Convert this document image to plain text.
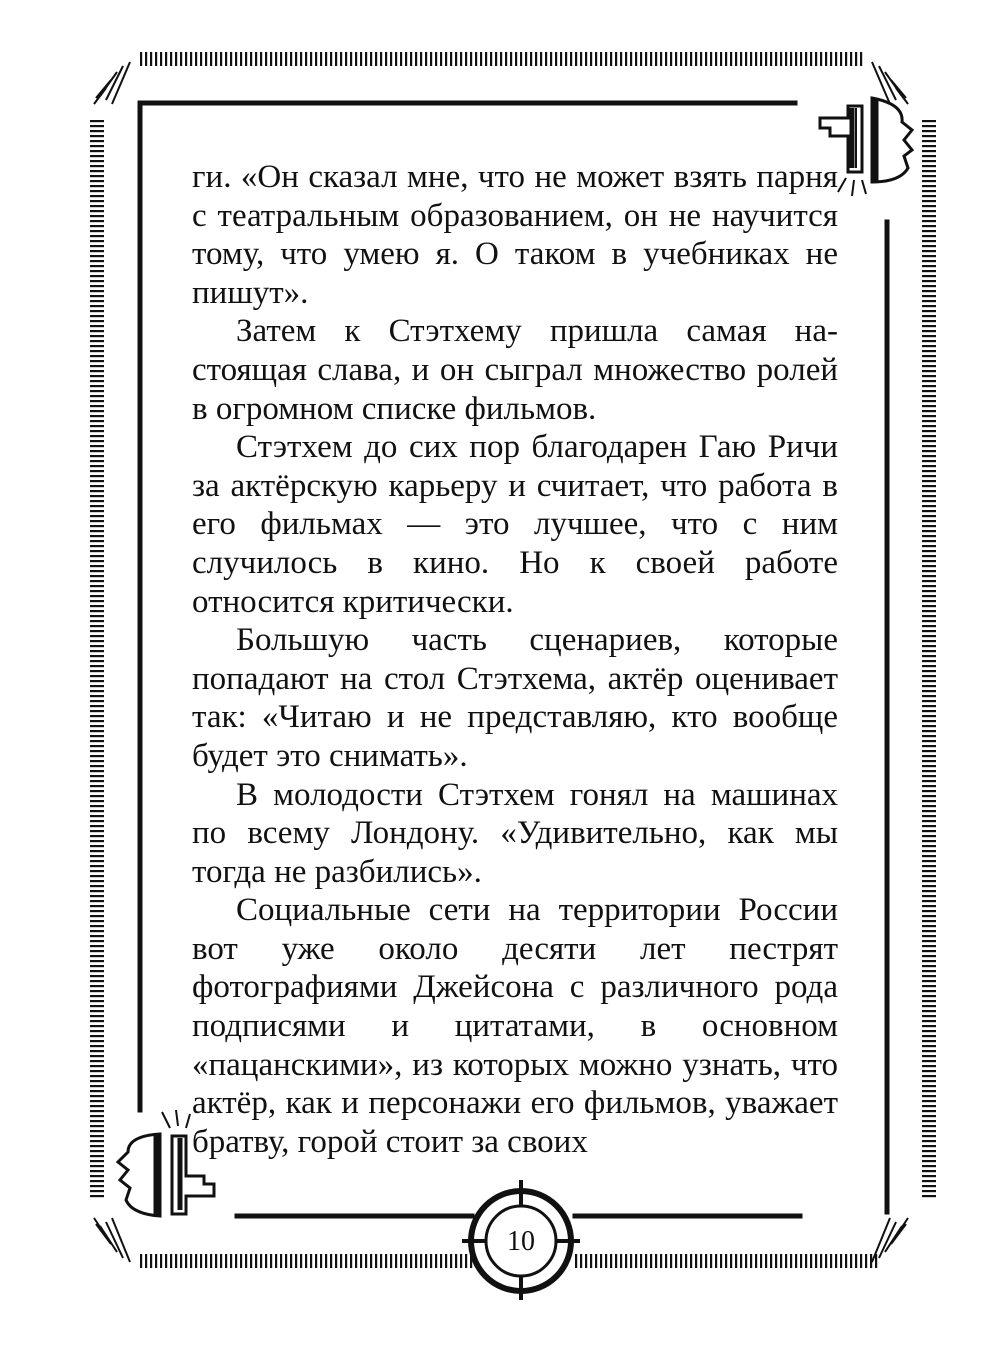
ги. «Он сказал мне, что не может взять парня с театральным образованием, он не научится тому, что умею я. О таком в учебниках не пишут».

Затем к Стэтхему пришла самая настоящая слава, и он сыграл множество ролей в огромном списке фильмов.

Стэтхем до сих пор благодарен Гаю Ричи за актёрскую карьеру и считает, что работа в его фильмах — это лучшее, что с ним случилось в кино. Но к своей работе относится критически.

Большую часть сценариев, которые попадают на стол Стэтхема, актёр оценивает так: «Читаю и не представляю, кто вообще будет это снимать».

В молодости Стэтхем гонял на машинах по всему Лондону. «Удивительно, как мы тогда не разбились».

Социальные сети на территории России вот уже около десяти лет пестрят фотографиями Джейсона с различного рода подписями и цитатами, в основном «пацанскими», из которых можно узнать, что актёр, как и персонажи его фильмов, уважает братву, горой стоит за своих

10
